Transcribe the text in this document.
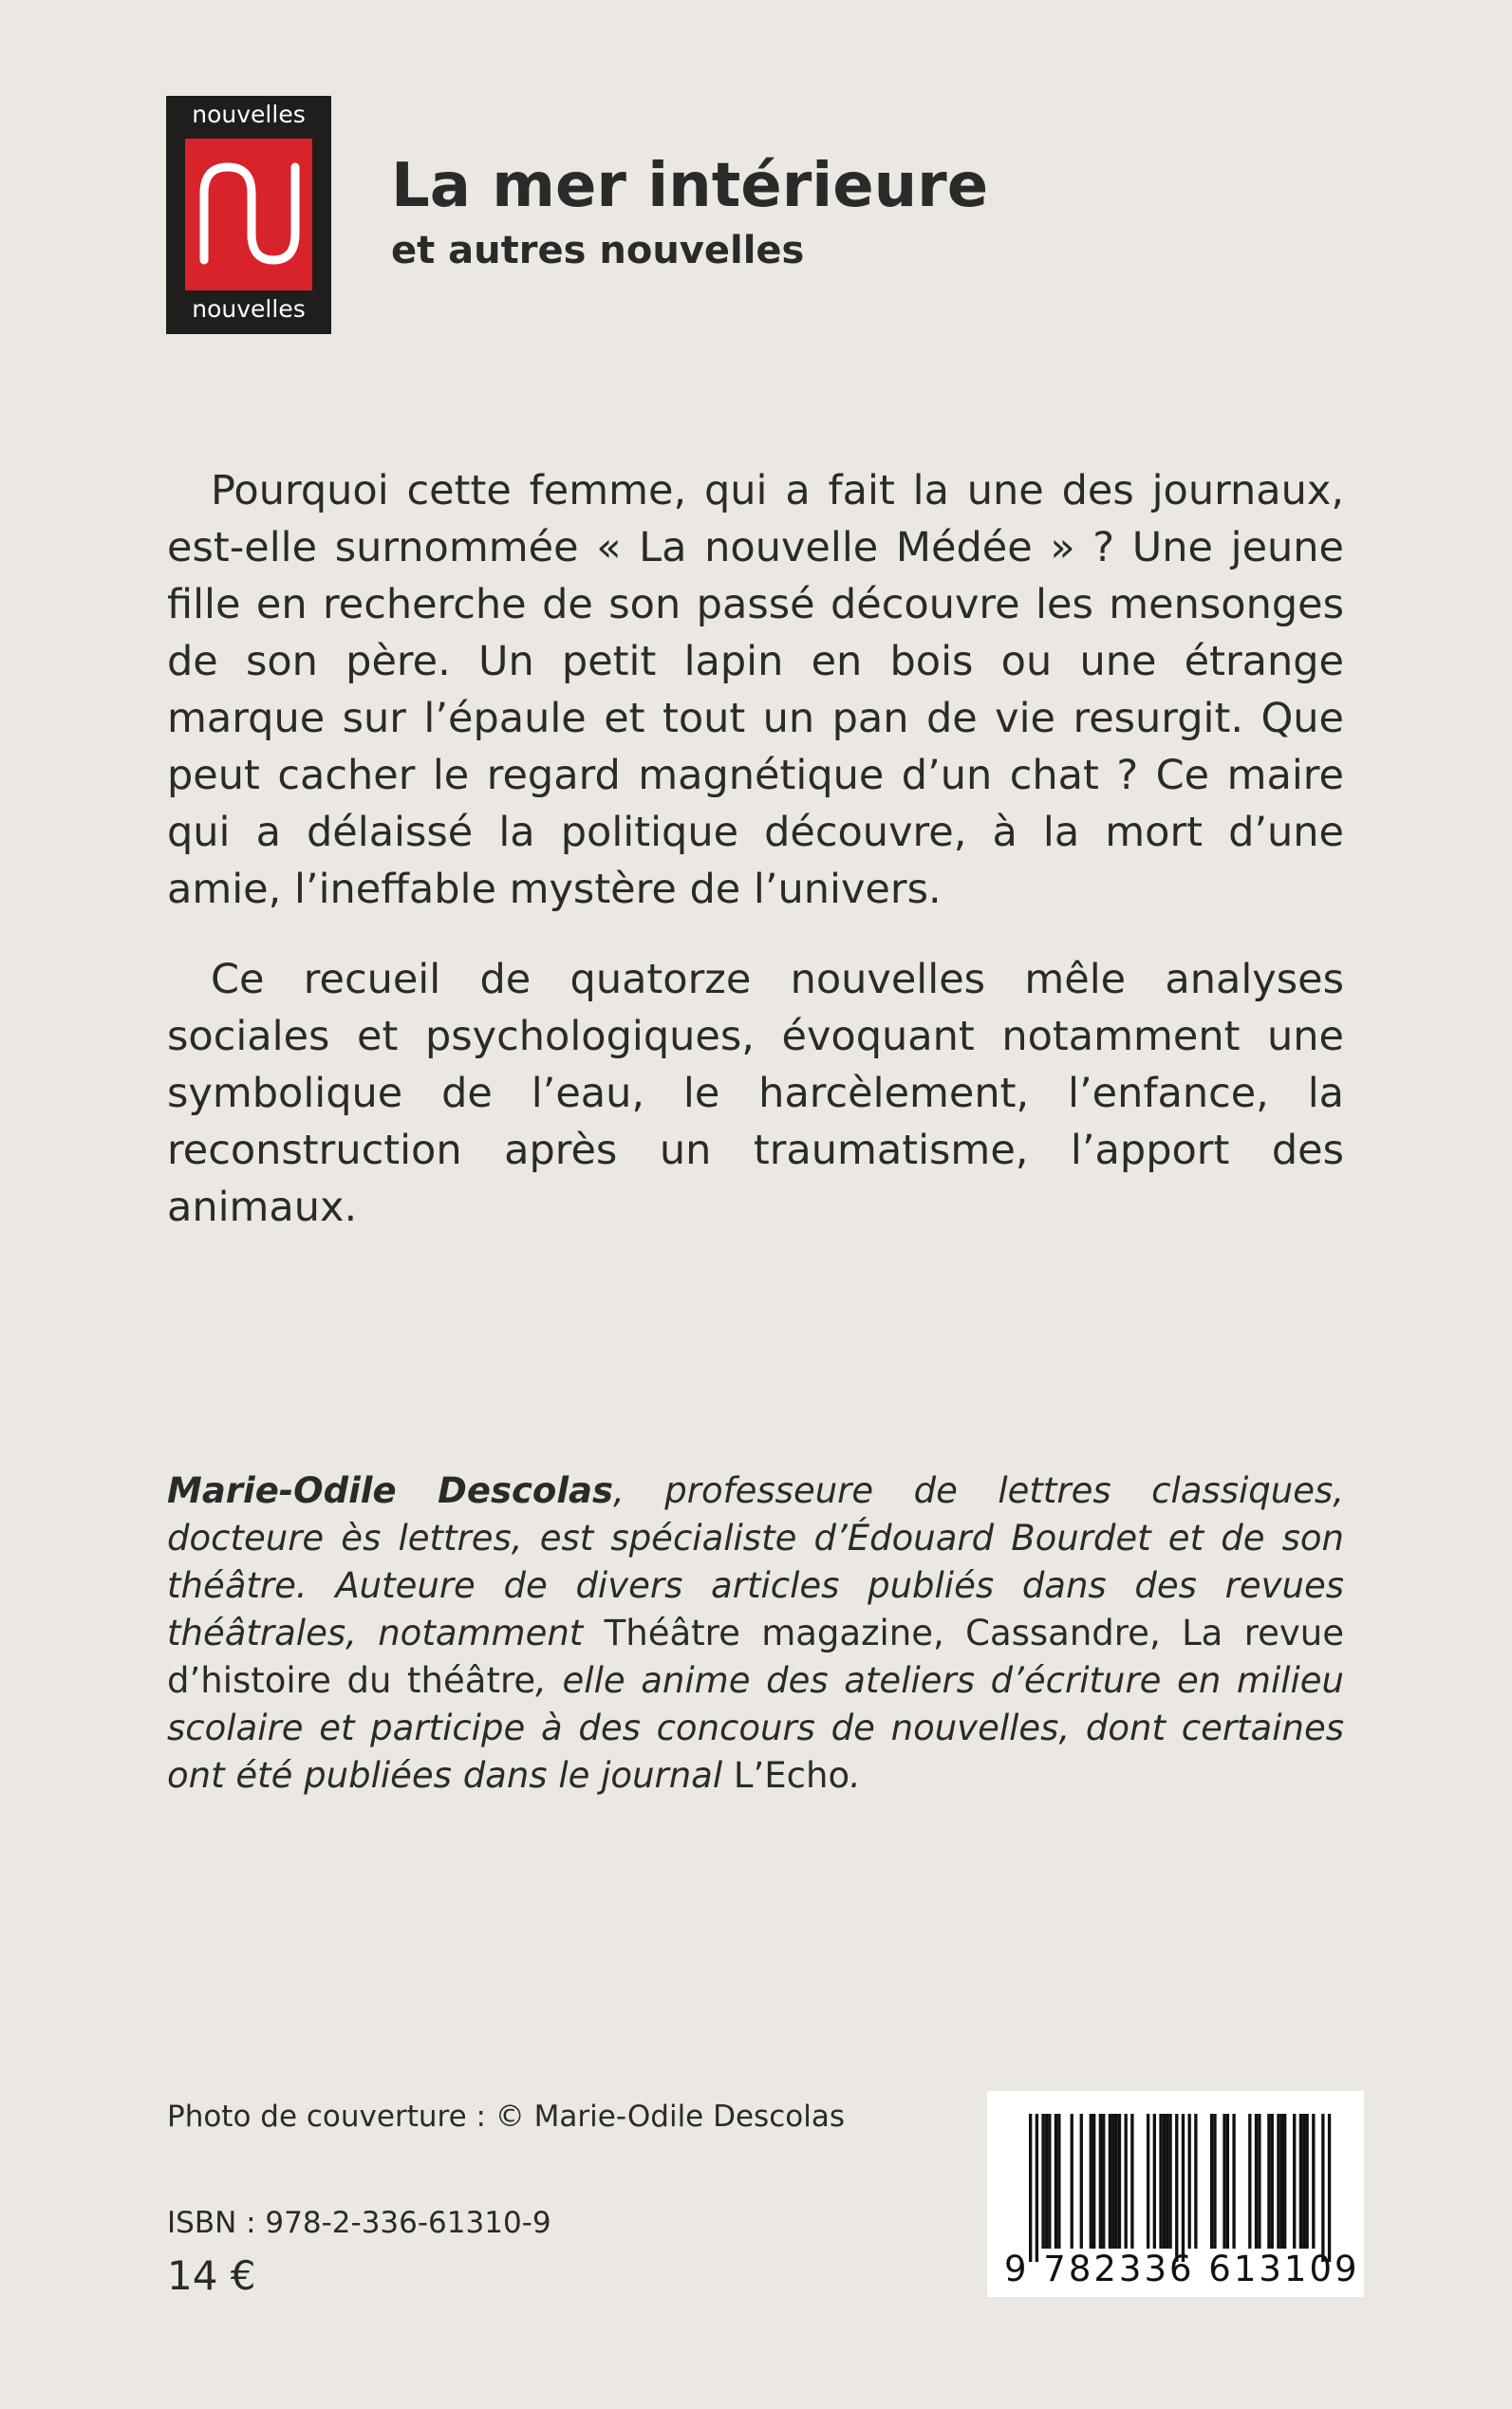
nouvelles
nouvelles
La mer intérieure
et autres nouvelles

Pourquoi cette femme, qui a fait la une des journaux, est-elle surnommée « La nouvelle Médée » ? Une jeune fille en recherche de son passé découvre les mensonges de son père. Un petit lapin en bois ou une étrange marque sur l’épaule et tout un pan de vie resurgit. Que peut cacher le regard magnétique d’un chat ? Ce maire qui a délaissé la politique découvre, à la mort d’une amie, l’ineffable mystère de l’univers.

Ce recueil de quatorze nouvelles mêle analyses sociales et psychologiques, évoquant notamment une symbolique de l’eau, le harcèlement, l’enfance, la reconstruction après un traumatisme, l’apport des animaux.

Marie-Odile Descolas, professeure de lettres classiques, docteure ès lettres, est spécialiste d’Édouard Bourdet et de son théâtre. Auteure de divers articles publiés dans des revues théâtrales, notamment Théâtre magazine, Cassandre, La revue d’histoire du théâtre, elle anime des ateliers d’écriture en milieu scolaire et participe à des concours de nouvelles, dont certaines ont été publiées dans le journal L’Echo.

Photo de couverture : © Marie-Odile Descolas
ISBN : 978-2-336-61310-9
14 €	9 782336 613109
